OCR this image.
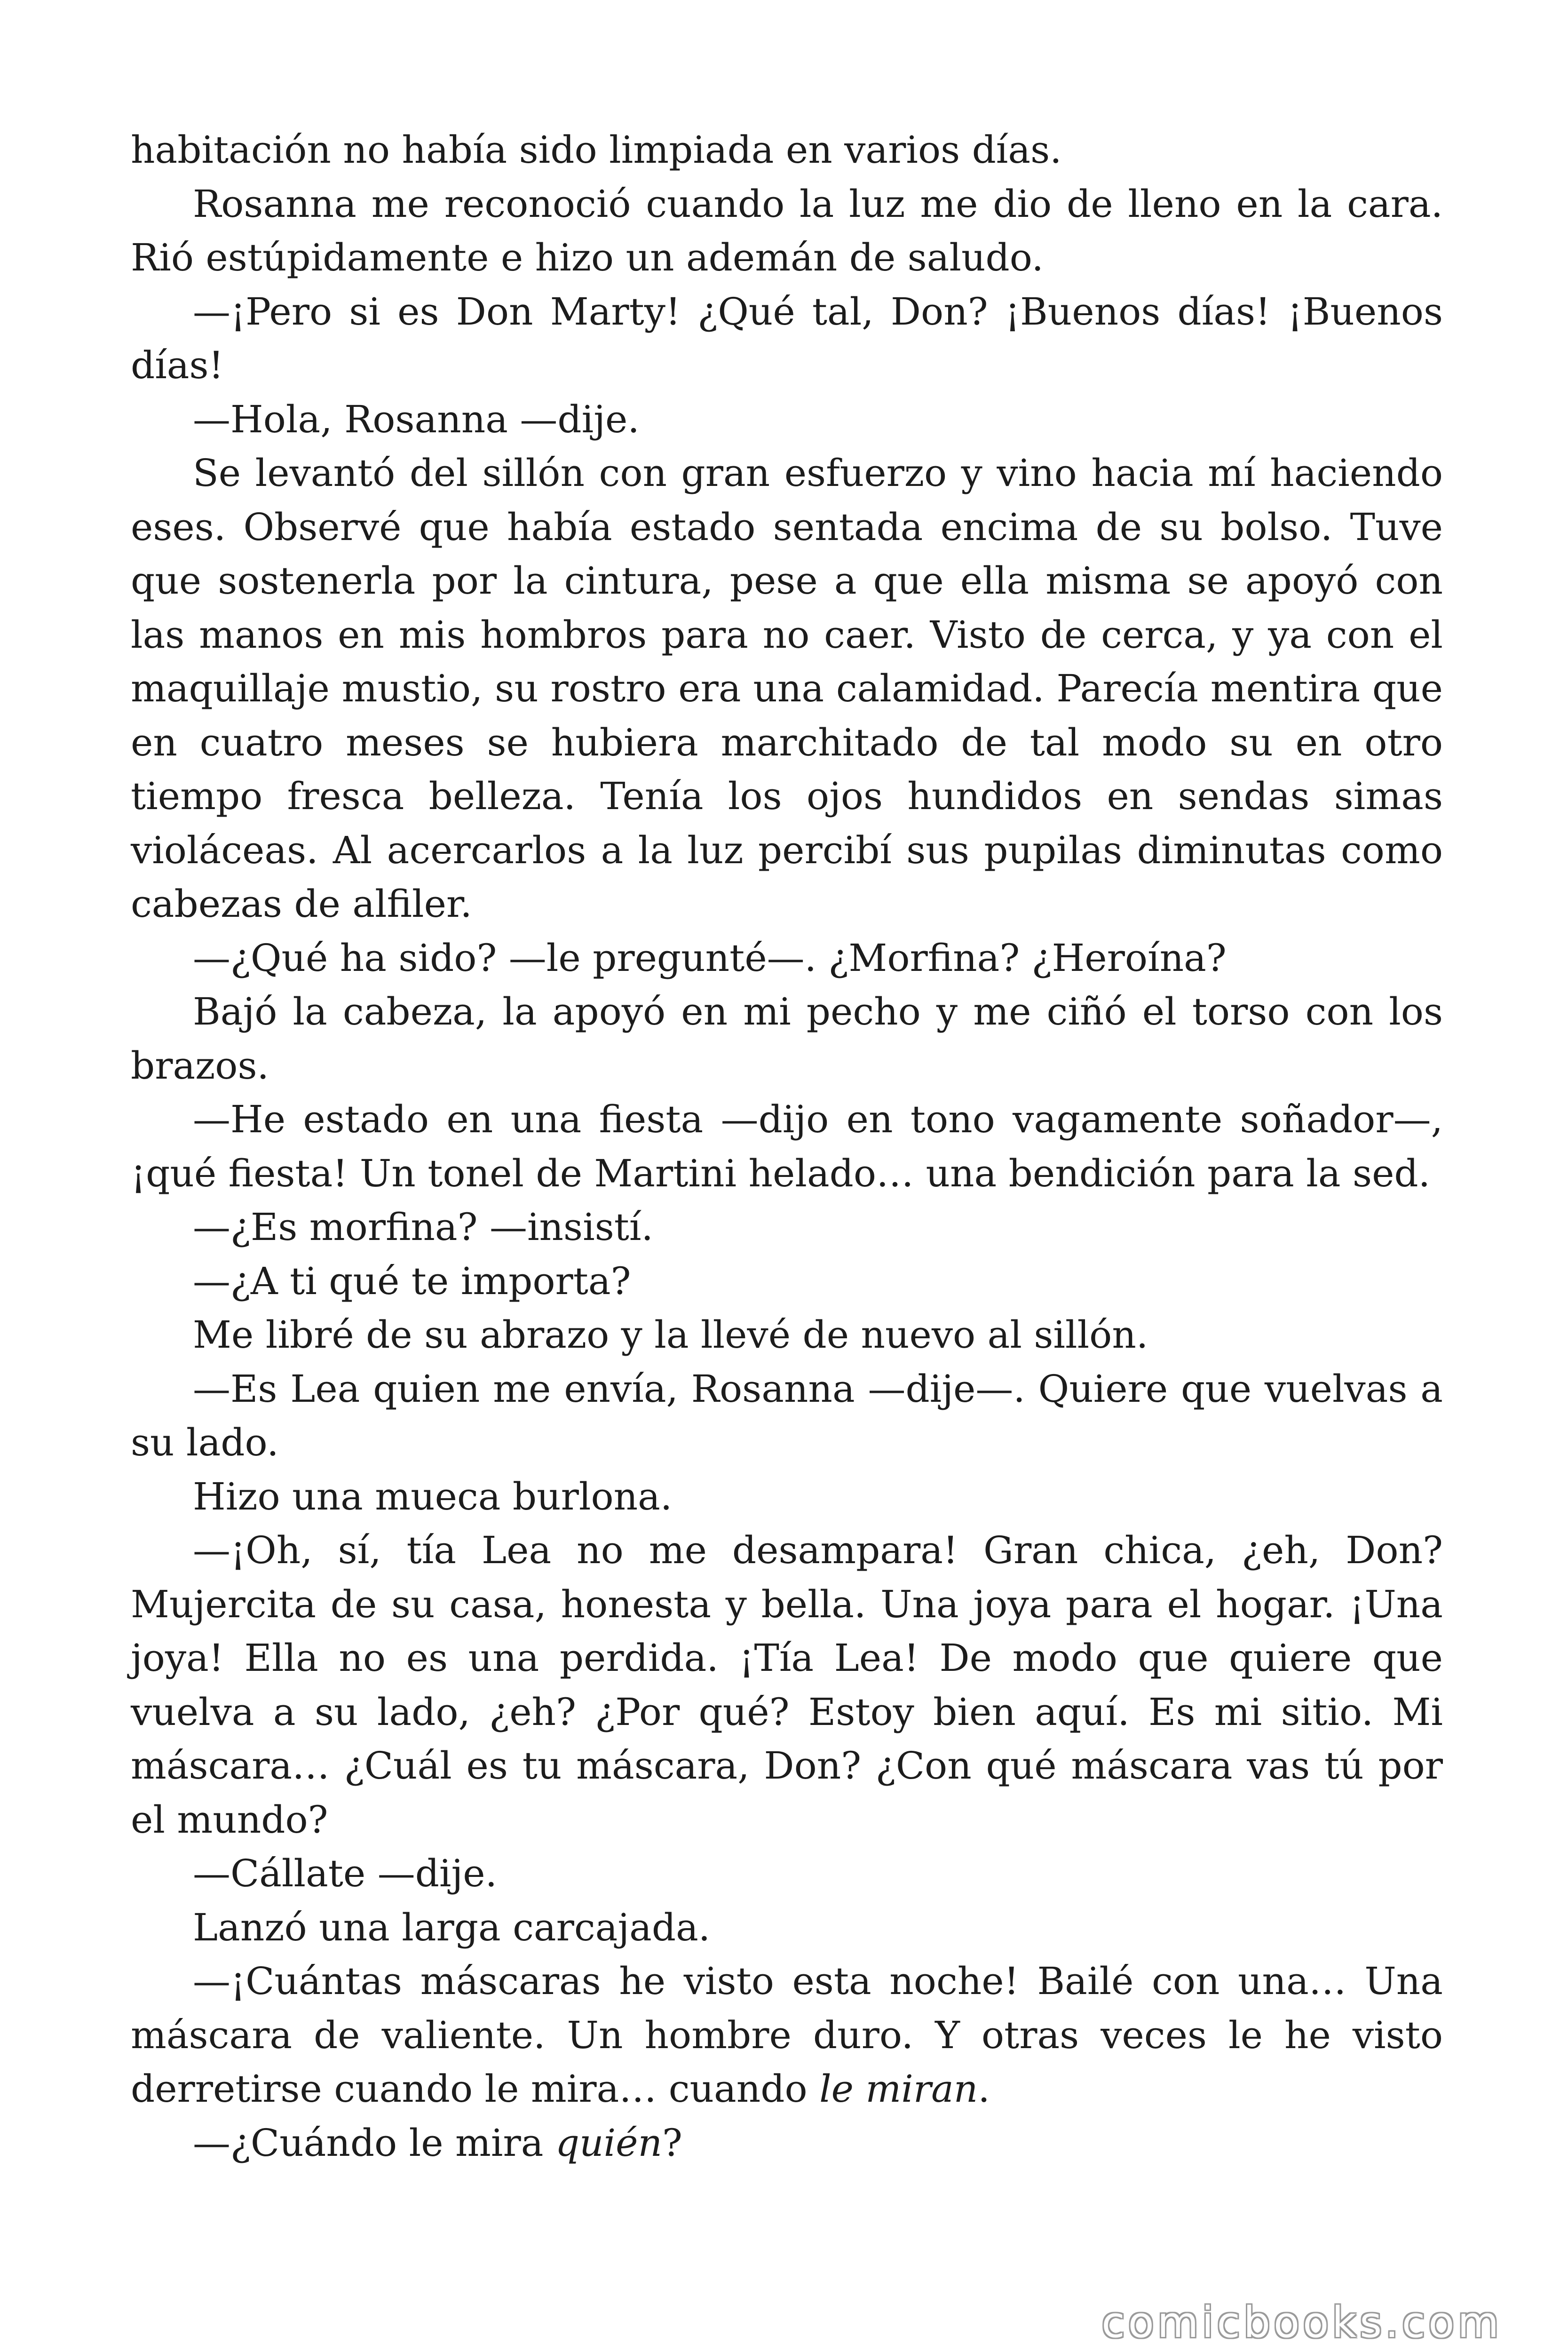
habitación no había sido limpiada en varios días.

Rosanna me reconoció cuando la luz me dio de lleno en la cara. Rió estúpidamente e hizo un ademán de saludo.

—¡Pero si es Don Marty! ¿Qué tal, Don? ¡Buenos días! ¡Buenos días!

—Hola, Rosanna —dije.

Se levantó del sillón con gran esfuerzo y vino hacia mí haciendo eses. Observé que había estado sentada encima de su bolso. Tuve que sostenerla por la cintura, pese a que ella misma se apoyó con las manos en mis hombros para no caer. Visto de cerca, y ya con el maquillaje mustio, su rostro era una calamidad. Parecía mentira que en cuatro meses se hubiera marchitado de tal modo su en otro tiempo fresca belleza. Tenía los ojos hundidos en sendas simas violáceas. Al acercarlos a la luz percibí sus pupilas diminutas como cabezas de alfiler.

—¿Qué ha sido? —le pregunté—. ¿Morfina? ¿Heroína?

Bajó la cabeza, la apoyó en mi pecho y me ciñó el torso con los brazos.

—He estado en una fiesta —dijo en tono vagamente soñador—, ¡qué fiesta! Un tonel de Martini helado… una bendición para la sed.

—¿Es morfina? —insistí.

—¿A ti qué te importa?

Me libré de su abrazo y la llevé de nuevo al sillón.

—Es Lea quien me envía, Rosanna —dije—. Quiere que vuelvas a su lado.

Hizo una mueca burlona.

—¡Oh, sí, tía Lea no me desampara! Gran chica, ¿eh, Don? Mujercita de su casa, honesta y bella. Una joya para el hogar. ¡Una joya! Ella no es una perdida. ¡Tía Lea! De modo que quiere que vuelva a su lado, ¿eh? ¿Por qué? Estoy bien aquí. Es mi sitio. Mi máscara… ¿Cuál es tu máscara, Don? ¿Con qué máscara vas tú por el mundo?

—Cállate —dije.

Lanzó una larga carcajada.

—¡Cuántas máscaras he visto esta noche! Bailé con una… Una máscara de valiente. Un hombre duro. Y otras veces le he visto derretirse cuando le mira… cuando le miran.

—¿Cuándo le mira quién?

comicbooks.com
